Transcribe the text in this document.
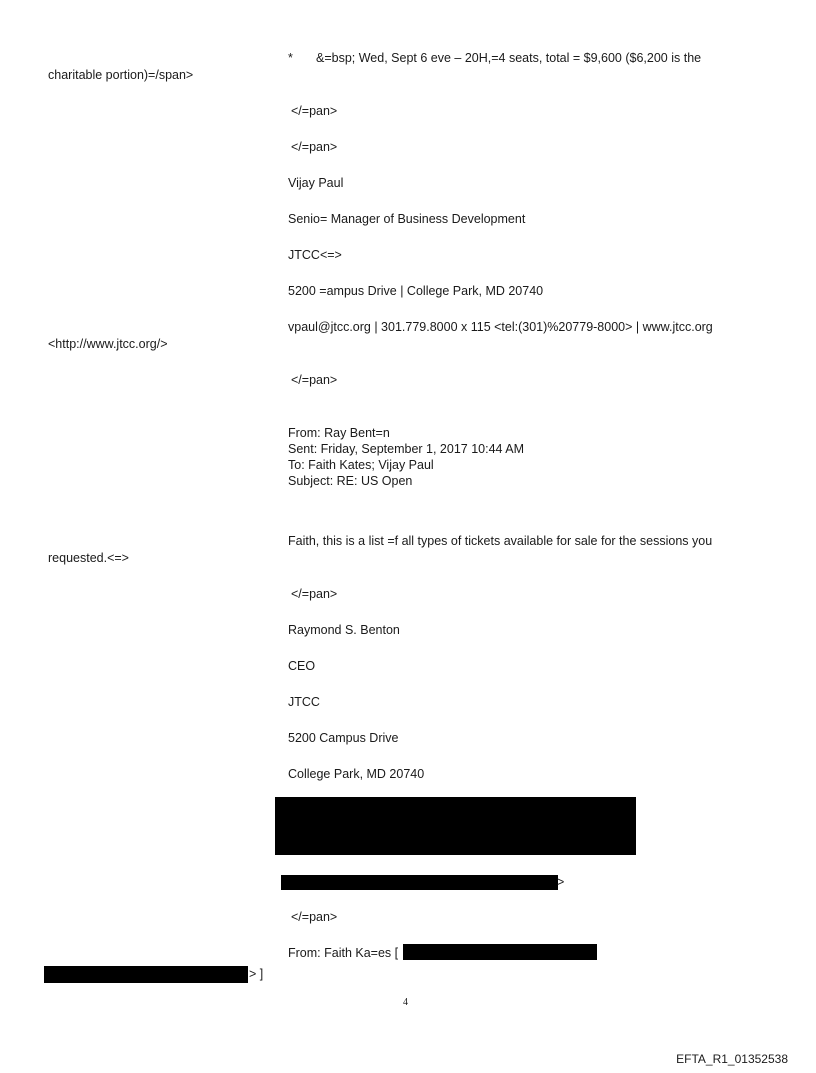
* &=bsp; Wed, Sept 6 eve – 20H,=4 seats, total = $9,600 ($6,200 is the
charitable portion)=/span>
</=pan>
</=pan>
Vijay Paul
Senio= Manager of Business Development
JTCC<=>
5200 =ampus Drive | College Park, MD 20740
vpaul@jtcc.org | 301.779.8000 x 115 <tel:(301)%20779-8000> | www.jtcc.org
<http://www.jtcc.org/>
</=pan>
From: Ray Bent=n
Sent: Friday, September 1, 2017 10:44 AM
To: Faith Kates; Vijay Paul
Subject: RE: US Open
Faith, this is a list =f all types of tickets available for sale for the sessions you
requested.<=>
</=pan>
Raymond S. Benton
CEO
JTCC
5200 Campus Drive
College Park, MD 20740
>
</=pan>
From: Faith Ka=es [
> ]
4
EFTA_R1_01352538
